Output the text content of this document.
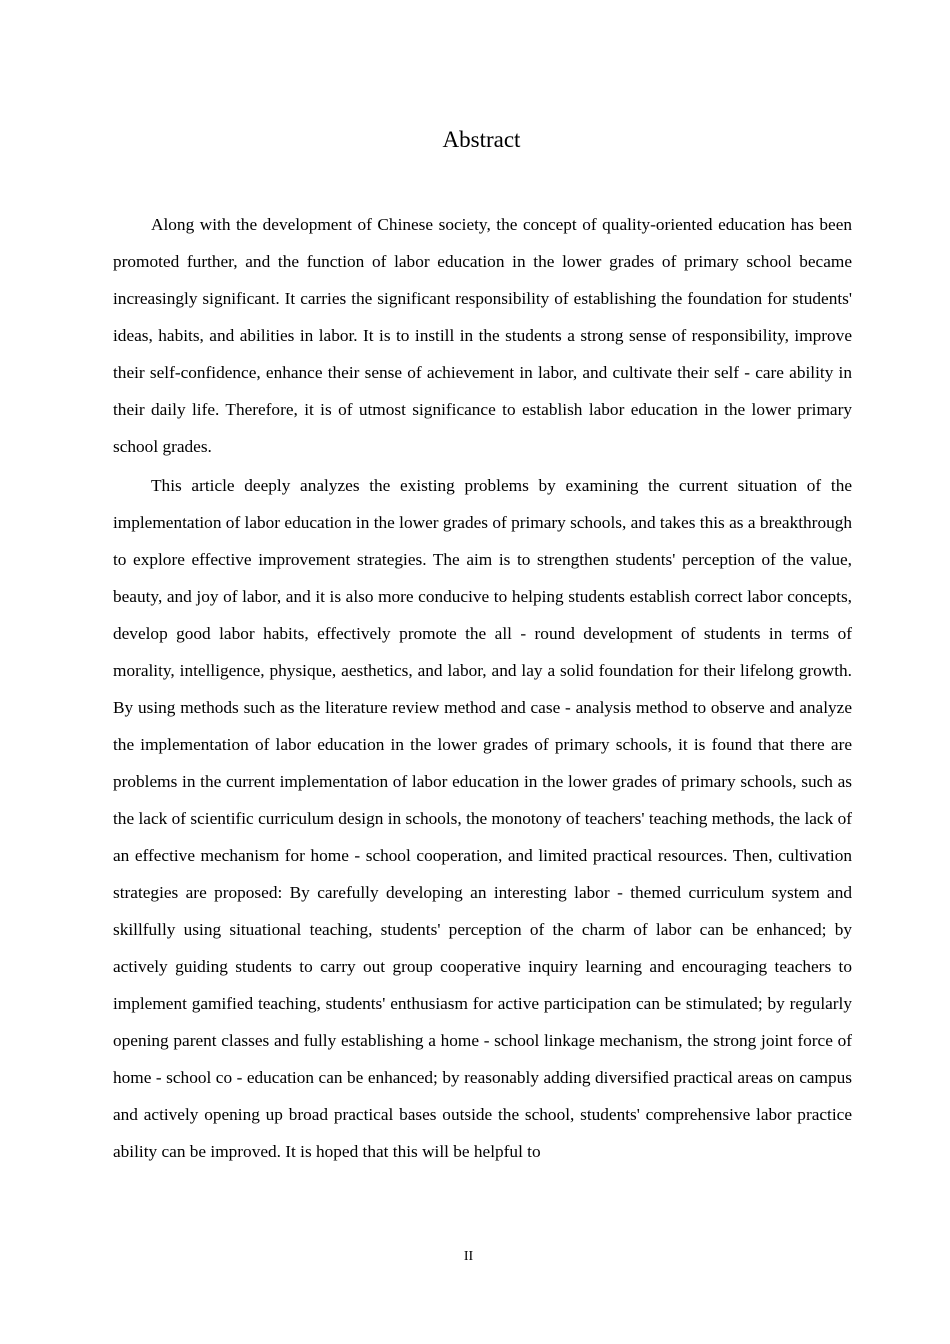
Abstract

Along with the development of Chinese society, the concept of quality-oriented education has been promoted further, and the function of labor education in the lower grades of primary school became increasingly significant. It carries the significant responsibility of establishing the foundation for students' ideas, habits, and abilities in labor. It is to instill in the students a strong sense of responsibility, improve their self-confidence, enhance their sense of achievement in labor, and cultivate their self - care ability in their daily life. Therefore, it is of utmost significance to establish labor education in the lower primary school grades.

This article deeply analyzes the existing problems by examining the current situation of the implementation of labor education in the lower grades of primary schools, and takes this as a breakthrough to explore effective improvement strategies. The aim is to strengthen students' perception of the value, beauty, and joy of labor, and it is also more conducive to helping students establish correct labor concepts, develop good labor habits, effectively promote the all - round development of students in terms of morality, intelligence, physique, aesthetics, and labor, and lay a solid foundation for their lifelong growth. By using methods such as the literature review method and case - analysis method to observe and analyze the implementation of labor education in the lower grades of primary schools, it is found that there are problems in the current implementation of labor education in the lower grades of primary schools, such as the lack of scientific curriculum design in schools, the monotony of teachers' teaching methods, the lack of an effective mechanism for home - school cooperation, and limited practical resources. Then, cultivation strategies are proposed: By carefully developing an interesting labor - themed curriculum system and skillfully using situational teaching, students' perception of the charm of labor can be enhanced; by actively guiding students to carry out group cooperative inquiry learning and encouraging teachers to implement gamified teaching, students' enthusiasm for active participation can be stimulated; by regularly opening parent classes and fully establishing a home - school linkage mechanism, the strong joint force of home - school co - education can be enhanced; by reasonably adding diversified practical areas on campus and actively opening up broad practical bases outside the school, students' comprehensive labor practice ability can be improved. It is hoped that this will be helpful to

II
